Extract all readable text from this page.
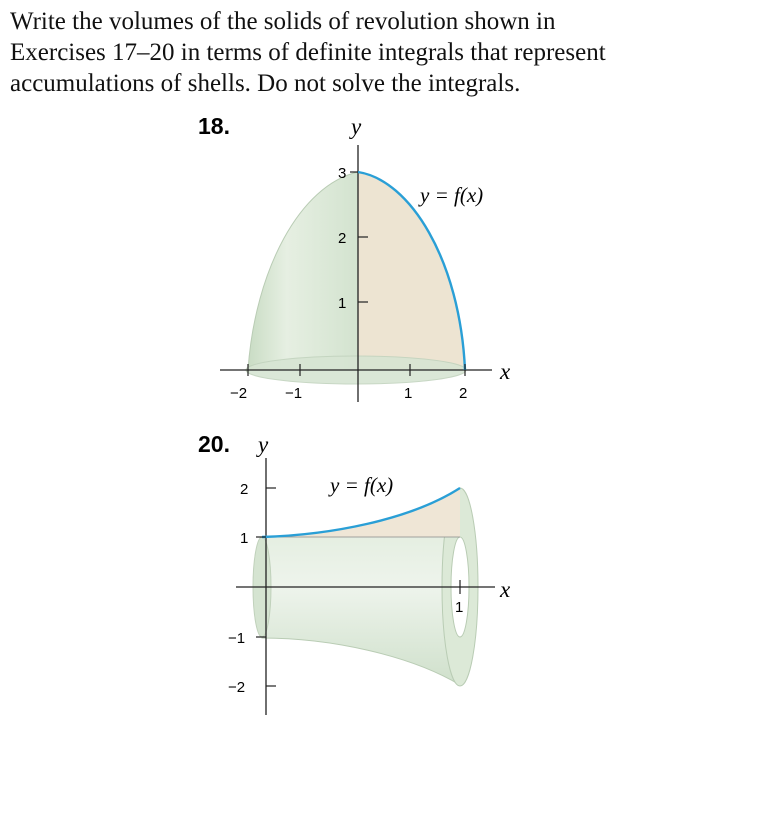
Write the volumes of the solids of revolution shown in
Exercises 17–20 in terms of definite integrals that represent
accumulations of shells. Do not solve the integrals.

18.	y
x
y = f(x)
1
2
3
−2	−1	1	2
20. y
x
y = f(x)
2
1
−1
−2
1
